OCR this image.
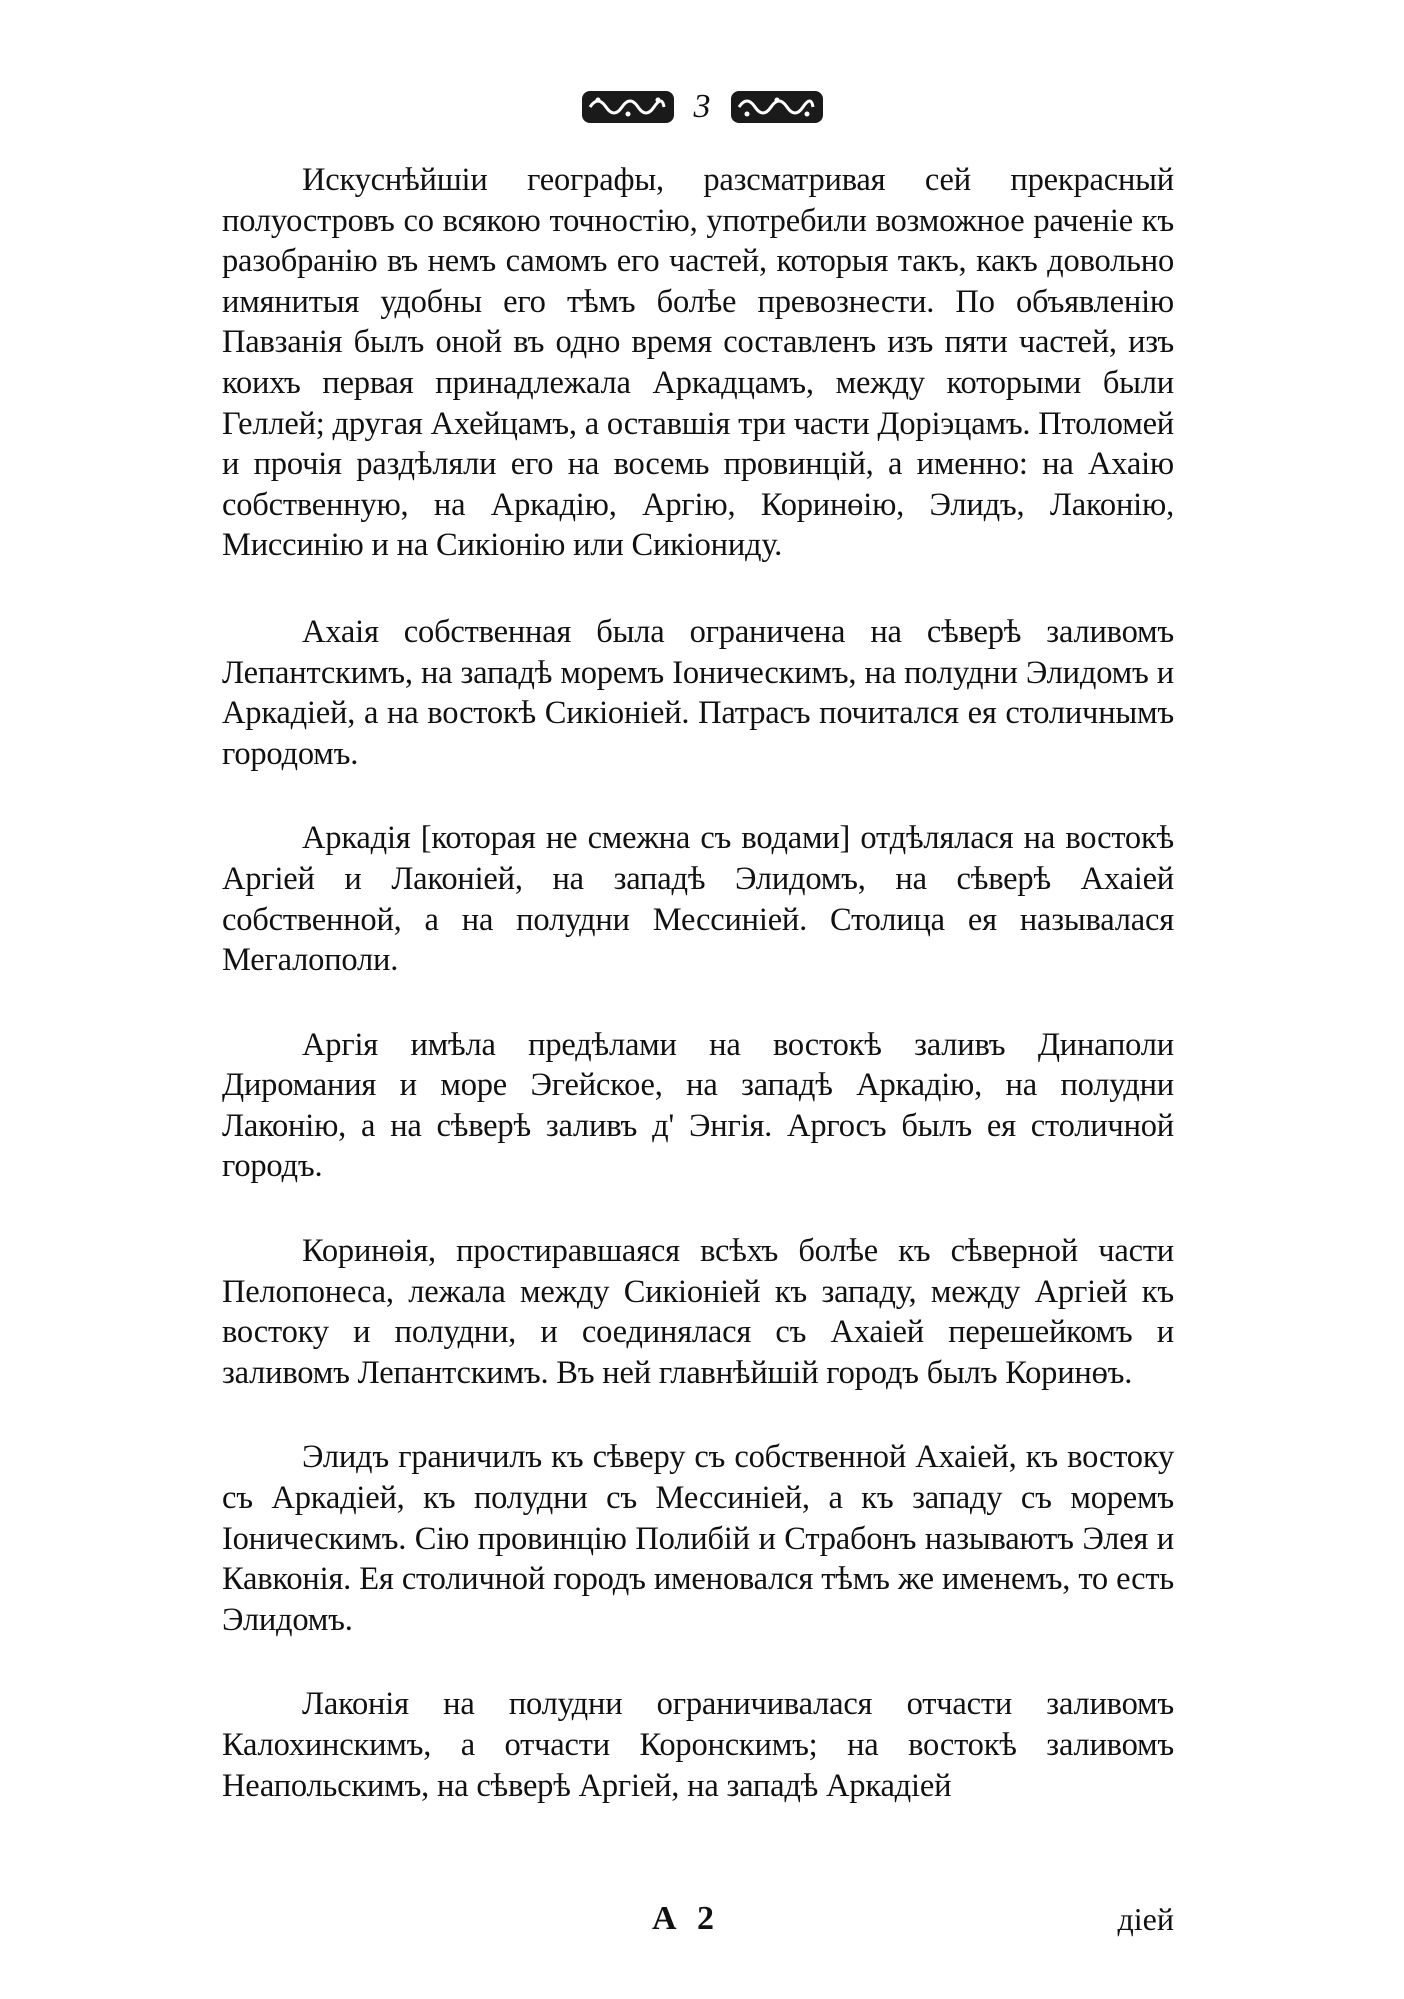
3

Искуснѣйшіи географы, разсматривая сей прекрасный полуостровъ со всякою точностію, употребили возможное раченіе къ разобранію въ немъ самомъ его частей, которыя такъ, какъ довольно имянитыя удобны его тѣмъ болѣе превознести. По объявленію Павзанія былъ оной въ одно время составленъ изъ пяти частей, изъ коихъ первая принадлежала Аркадцамъ, между которыми были Геллей; другая Ахейцамъ, а оставшія три части Доріэцамъ. Птоломей и прочія раздѣляли его на восемь провинцій, а именно: на Ахаію собственную, на Аркадію, Аргію, Коринөію, Элидъ, Лаконію, Миссинію и на Сикіонію или Сикіониду.

Ахаія собственная была ограничена на сѣверѣ заливомъ Лепантскимъ, на западѣ моремъ Іоническимъ, на полудни Элидомъ и Аркадіей, а на востокѣ Сикіоніей. Патрасъ почитался ея столичнымъ городомъ.

Аркадія [которая не смежна съ водами] отдѣлялася на востокѣ Аргіей и Лаконіей, на западѣ Элидомъ, на сѣверѣ Ахаіей собственной, а на полудни Мессиніей. Столица ея называлася Мегалополи.

Аргія имѣла предѣлами на востокѣ заливъ Динаполи Диромания и море Эгейское, на западѣ Аркадію, на полудни Лаконію, а на сѣверѣ заливъ д' Энгія. Аргосъ былъ ея столичной городъ.

Коринөія, простиравшаяся всѣхъ болѣе къ сѣверной части Пелопонеса, лежала между Сикіоніей къ западу, между Аргіей къ востоку и полудни, и соединялася съ Ахаіей перешейкомъ и заливомъ Лепантскимъ. Въ ней главнѣйшій городъ былъ Коринөъ.

Элидъ граничилъ къ сѣверу съ собственной Ахаіей, къ востоку съ Аркадіей, къ полудни съ Мессиніей, а къ западу съ моремъ Іоническимъ. Сію провинцію Полибій и Страбонъ называютъ Элея и Кавконія. Ея столичной городъ именовался тѣмъ же именемъ, то есть Элидомъ.

Лаконія на полудни ограничивалася отчасти заливомъ Калохинскимъ, а отчасти Коронскимъ; на востокѣ заливомъ Неапольскимъ, на сѣверѣ Аргіей, на западѣ Аркадіей

А 2	діей
